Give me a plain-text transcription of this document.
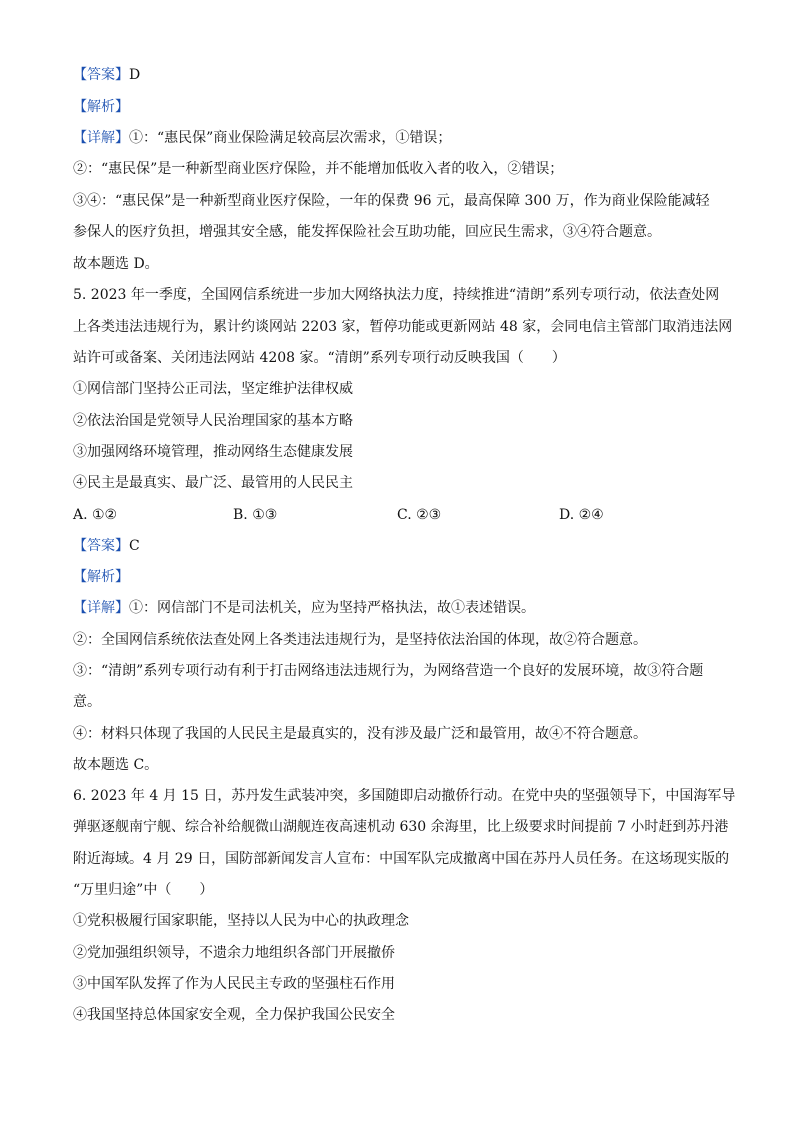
【答案】D
【解析】
【详解】①：“惠民保”商业保险满足较高层次需求，①错误；
②：“惠民保”是一种新型商业医疗保险，并不能增加低收入者的收入，②错误；
③④：“惠民保”是一种新型商业医疗保险，一年的保费 96 元，最高保障 300 万，作为商业保险能减轻
参保人的医疗负担，增强其安全感，能发挥保险社会互助功能，回应民生需求，③④符合题意。
故本题选 D。
5. 2023 年一季度，全国网信系统进一步加大网络执法力度，持续推进“清朗”系列专项行动，依法查处网
上各类违法违规行为，累计约谈网站 2203 家，暂停功能或更新网站 48 家，会同电信主管部门取消违法网
站许可或备案、关闭违法网站 4208 家。“清朗”系列专项行动反映我国（　　）
①网信部门坚持公正司法，坚定维护法律权威
②依法治国是党领导人民治理国家的基本方略
③加强网络环境管理，推动网络生态健康发展
④民主是最真实、最广泛、最管用的人民民主
A. ①②	B. ①③	C. ②③	D. ②④
【答案】C
【解析】
【详解】①：网信部门不是司法机关，应为坚持严格执法，故①表述错误。
②：全国网信系统依法查处网上各类违法违规行为，是坚持依法治国的体现，故②符合题意。
③：“清朗”系列专项行动有利于打击网络违法违规行为，为网络营造一个良好的发展环境，故③符合题
意。
④：材料只体现了我国的人民民主是最真实的，没有涉及最广泛和最管用，故④不符合题意。
故本题选 C。
6. 2023 年 4 月 15 日，苏丹发生武装冲突，多国随即启动撤侨行动。在党中央的坚强领导下，中国海军导
弹驱逐舰南宁舰、综合补给舰微山湖舰连夜高速机动 630 余海里，比上级要求时间提前 7 小时赶到苏丹港
附近海域。4 月 29 日，国防部新闻发言人宣布：中国军队完成撤离中国在苏丹人员任务。在这场现实版的
“万里归途”中（　　）
①党积极履行国家职能，坚持以人民为中心的执政理念
②党加强组织领导，不遗余力地组织各部门开展撤侨
③中国军队发挥了作为人民民主专政的坚强柱石作用
④我国坚持总体国家安全观，全力保护我国公民安全
